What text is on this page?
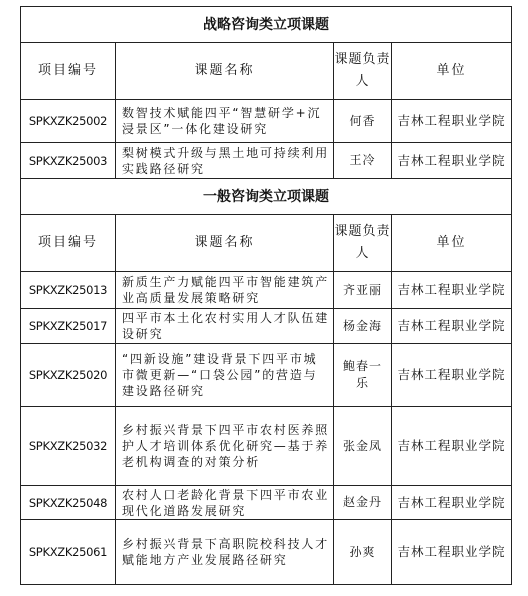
战略咨询类立项课题			
项目编号	课题名称	课题负责人	单位
SPKXZK25002	数智技术赋能四平“智慧研学+沉浸景区”一体化建设研究	何香	吉林工程职业学院
SPKXZK25003	梨树模式升级与黑土地可持续利用实践路径研究	王冷	吉林工程职业学院
一般咨询类立项课题			
项目编号	课题名称	课题负责人	单位
SPKXZK25013	新质生产力赋能四平市智能建筑产业高质量发展策略研究	齐亚丽	吉林工程职业学院
SPKXZK25017	四平市本土化农村实用人才队伍建设研究	杨金海	吉林工程职业学院
SPKXZK25020	“四新设施”建设背景下四平市城市微更新—“口袋公园”的营造与建设路径研究	鲍春一乐	吉林工程职业学院
SPKXZK25032	乡村振兴背景下四平市农村医养照护人才培训体系优化研究—基于养老机构调查的对策分析	张金凤	吉林工程职业学院
SPKXZK25048	农村人口老龄化背景下四平市农业现代化道路发展研究	赵金丹	吉林工程职业学院
SPKXZK25061	乡村振兴背景下高职院校科技人才赋能地方产业发展路径研究	孙爽	吉林工程职业学院
